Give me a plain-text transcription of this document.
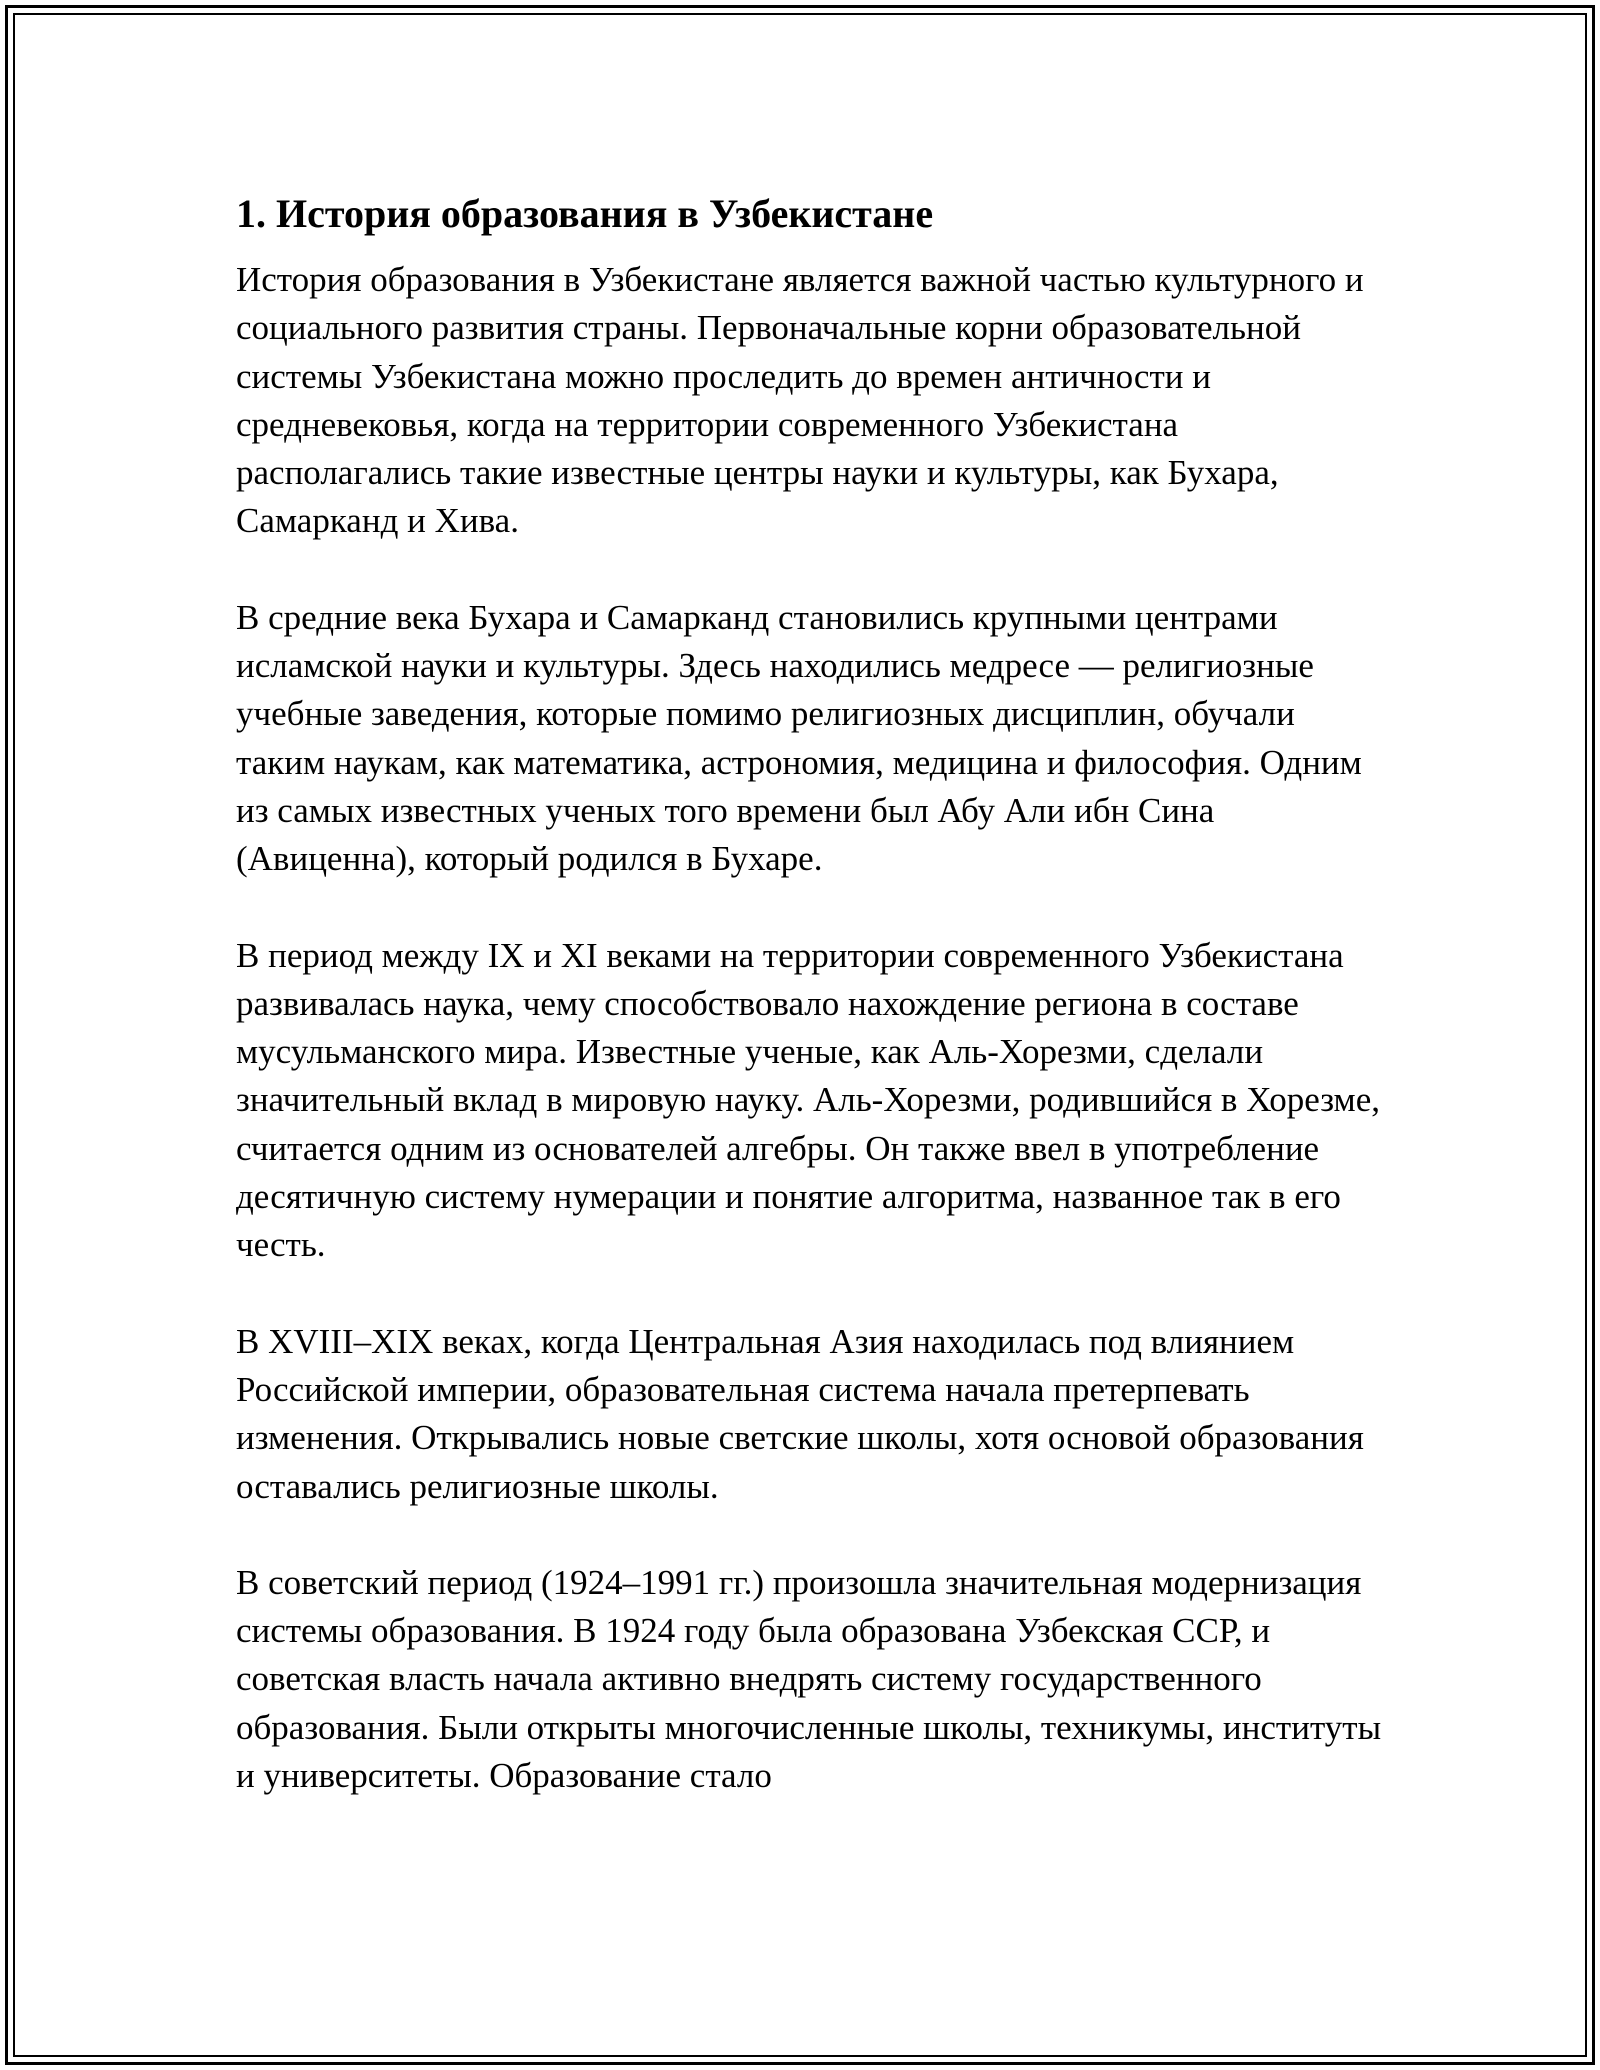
1. История образования в Узбекистане

История образования в Узбекистане является важной частью культурного и социального развития страны. Первоначальные корни образовательной системы Узбекистана можно проследить до времен античности и средневековья, когда на территории современного Узбекистана располагались такие известные центры науки и культуры, как Бухара, Самарканд и Хива.

В средние века Бухара и Самарканд становились крупными центрами исламской науки и культуры. Здесь находились медресе — религиозные учебные заведения, которые помимо религиозных дисциплин, обучали таким наукам, как математика, астрономия, медицина и философия. Одним из самых известных ученых того времени был Абу Али ибн Сина (Авиценна), который родился в Бухаре.

В период между IX и XI веками на территории современного Узбекистана развивалась наука, чему способствовало нахождение региона в составе мусульманского мира. Известные ученые, как Аль-Хорезми, сделали значительный вклад в мировую науку. Аль-Хорезми, родившийся в Хорезме, считается одним из основателей алгебры. Он также ввел в употребление десятичную систему нумерации и понятие алгоритма, названное так в его честь.

В XVIII–XIX веках, когда Центральная Азия находилась под влиянием Российской империи, образовательная система начала претерпевать изменения. Открывались новые светские школы, хотя основой образования оставались религиозные школы.

В советский период (1924–1991 гг.) произошла значительная модернизация системы образования. В 1924 году была образована Узбекская ССР, и советская власть начала активно внедрять систему государственного образования. Были открыты многочисленные школы, техникумы, институты и университеты. Образование стало
